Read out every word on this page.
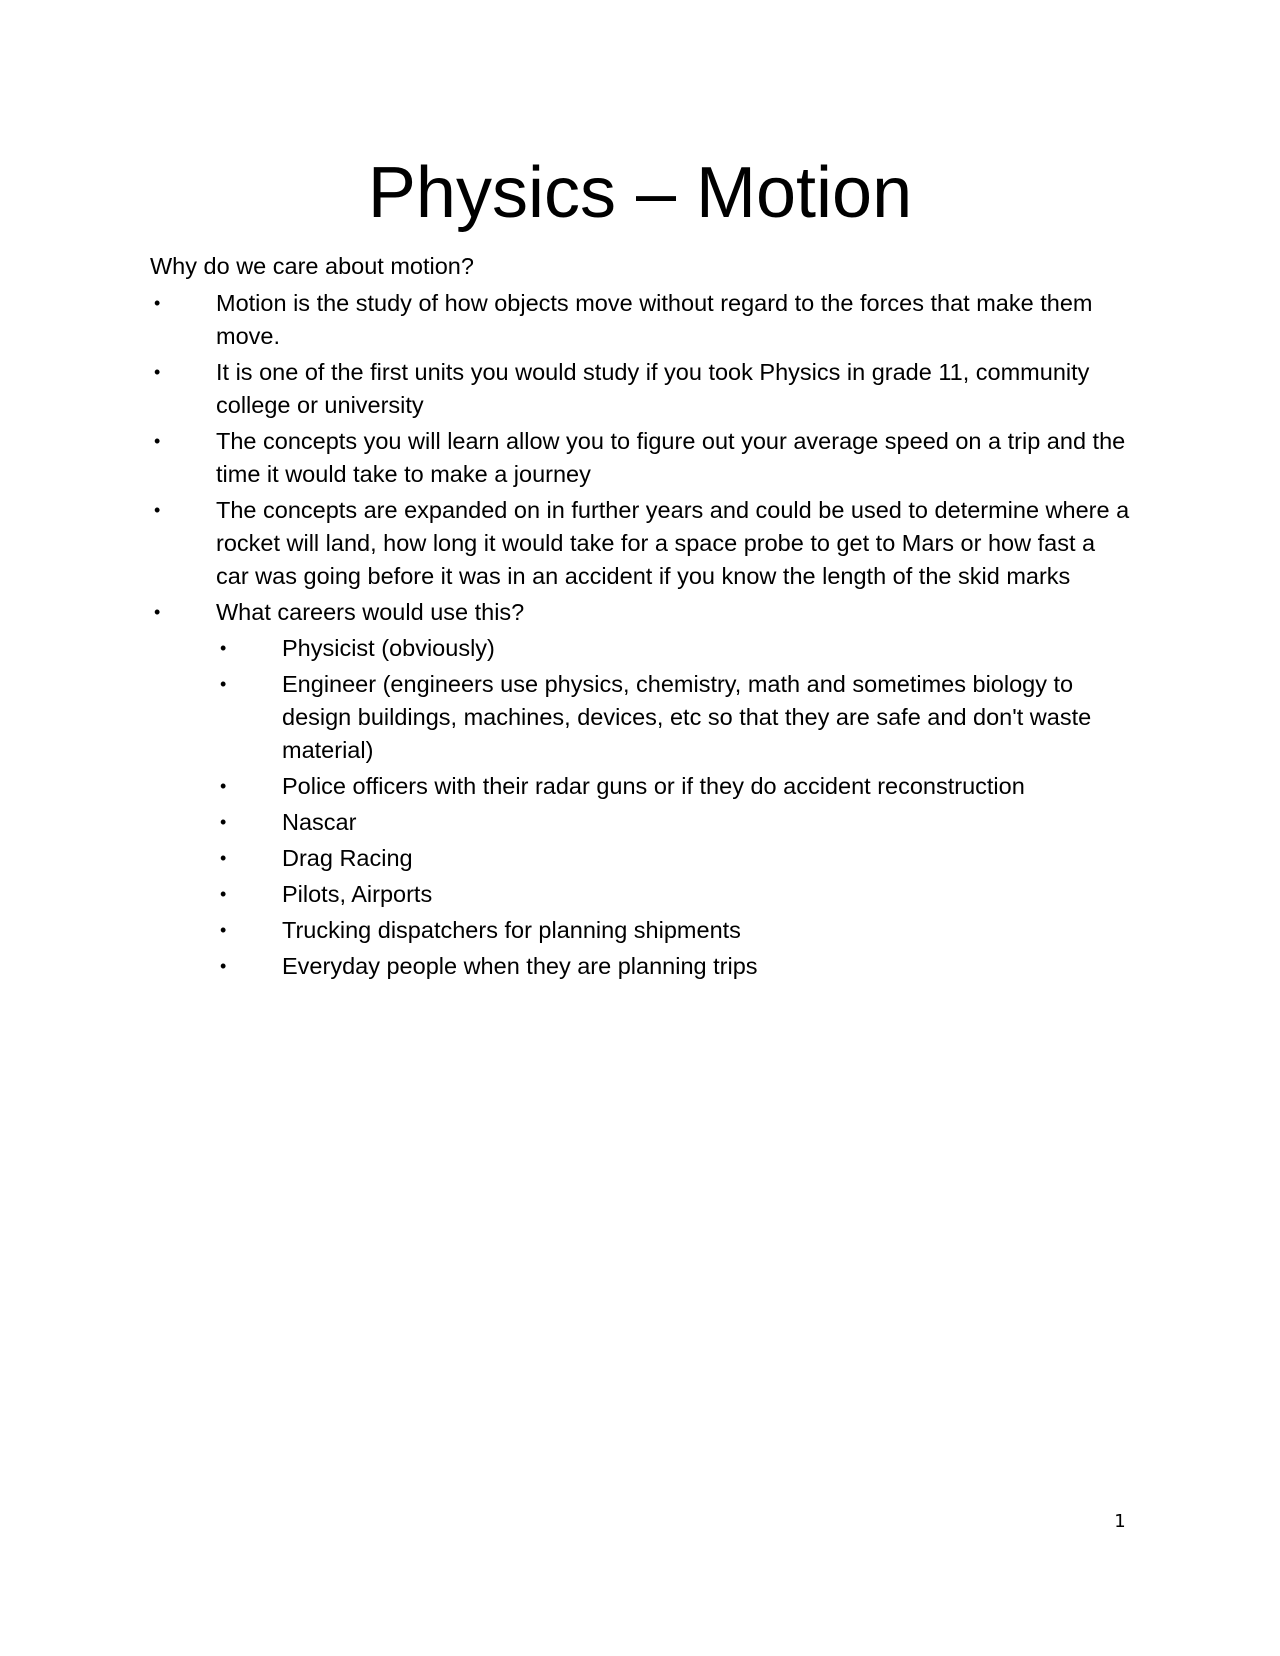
Physics – Motion

Why do we care about motion?

• Motion is the study of how objects move without regard to the forces that make them move.
• It is one of the first units you would study if you took Physics in grade 11, community college or university
• The concepts you will learn allow you to figure out your average speed on a trip and the time it would take to make a journey
• The concepts are expanded on in further years and could be used to determine where a rocket will land, how long it would take for a space probe to get to Mars or how fast a car was going before it was in an accident if you know the length of the skid marks
• What careers would use this?
• Physicist (obviously)
• Engineer (engineers use physics, chemistry, math and sometimes biology to design buildings, machines, devices, etc so that they are safe and don't waste material)
• Police officers with their radar guns or if they do accident reconstruction
• Nascar
• Drag Racing
• Pilots, Airports
• Trucking dispatchers for planning shipments
• Everyday people when they are planning trips
1
